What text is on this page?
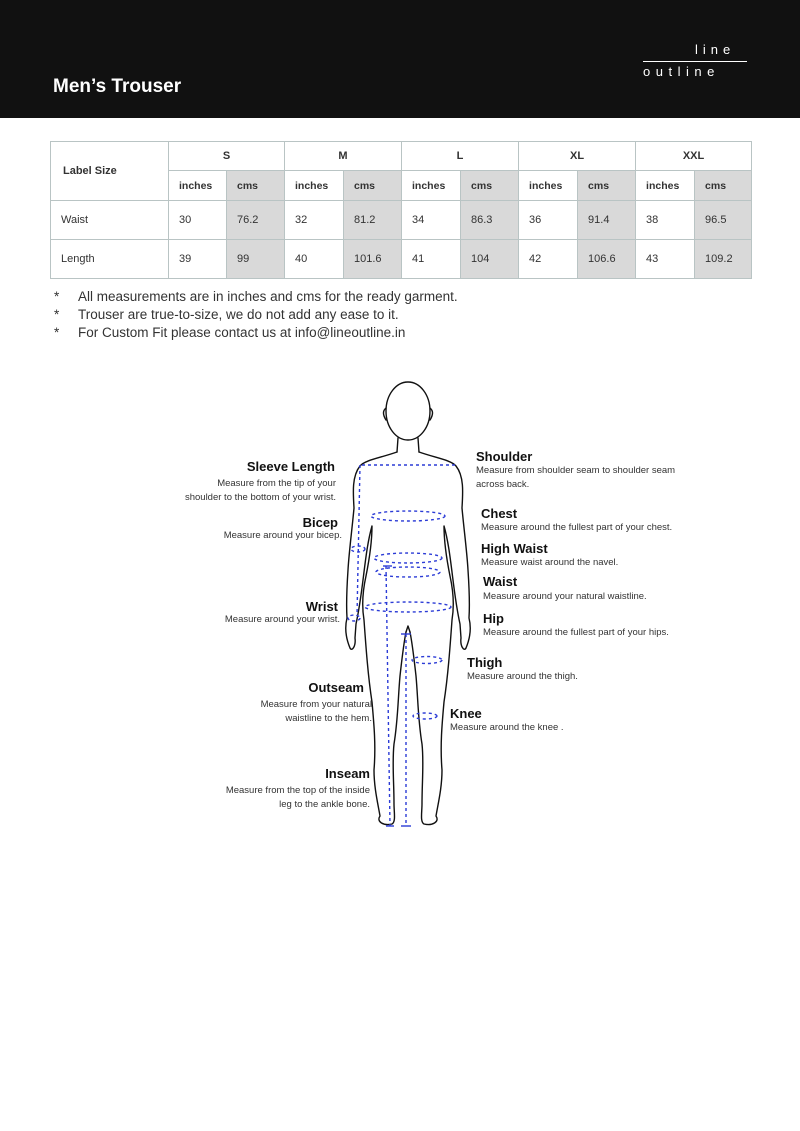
Men’s Trouser
line
outline
Label Size	S		M		L		XL		XXL	
	inches	cms	inches	cms	inches	cms	inches	cms	inches	cms
Waist	30	76.2	32	81.2	34	86.3	36	91.4	38	96.5
Length	39	99	40	101.6	41	104	42	106.6	43	109.2
* All measurements are in inches and cms for the ready garment.
* Trouser are true-to-size, we do not add any ease to it.
* For Custom Fit please contact us at info@lineoutline.in
Sleeve Length
Measure from the tip of your
shoulder to the bottom of your wrist.
Bicep
Measure around your bicep.
Wrist
Measure around your wrist.
Outseam
Measure from your natural
waistline to the hem.
Inseam
Measure from the top of the inside
leg to the ankle bone.
Shoulder
Measure from shoulder seam to shoulder seam
across back.
Chest
Measure around the fullest part of your chest.
High Waist
Measure waist around the navel.
Waist
Measure around your natural waistline.
Hip
Measure around the fullest part of your hips.
Thigh
Measure around the thigh.
Knee
Measure around the knee .
